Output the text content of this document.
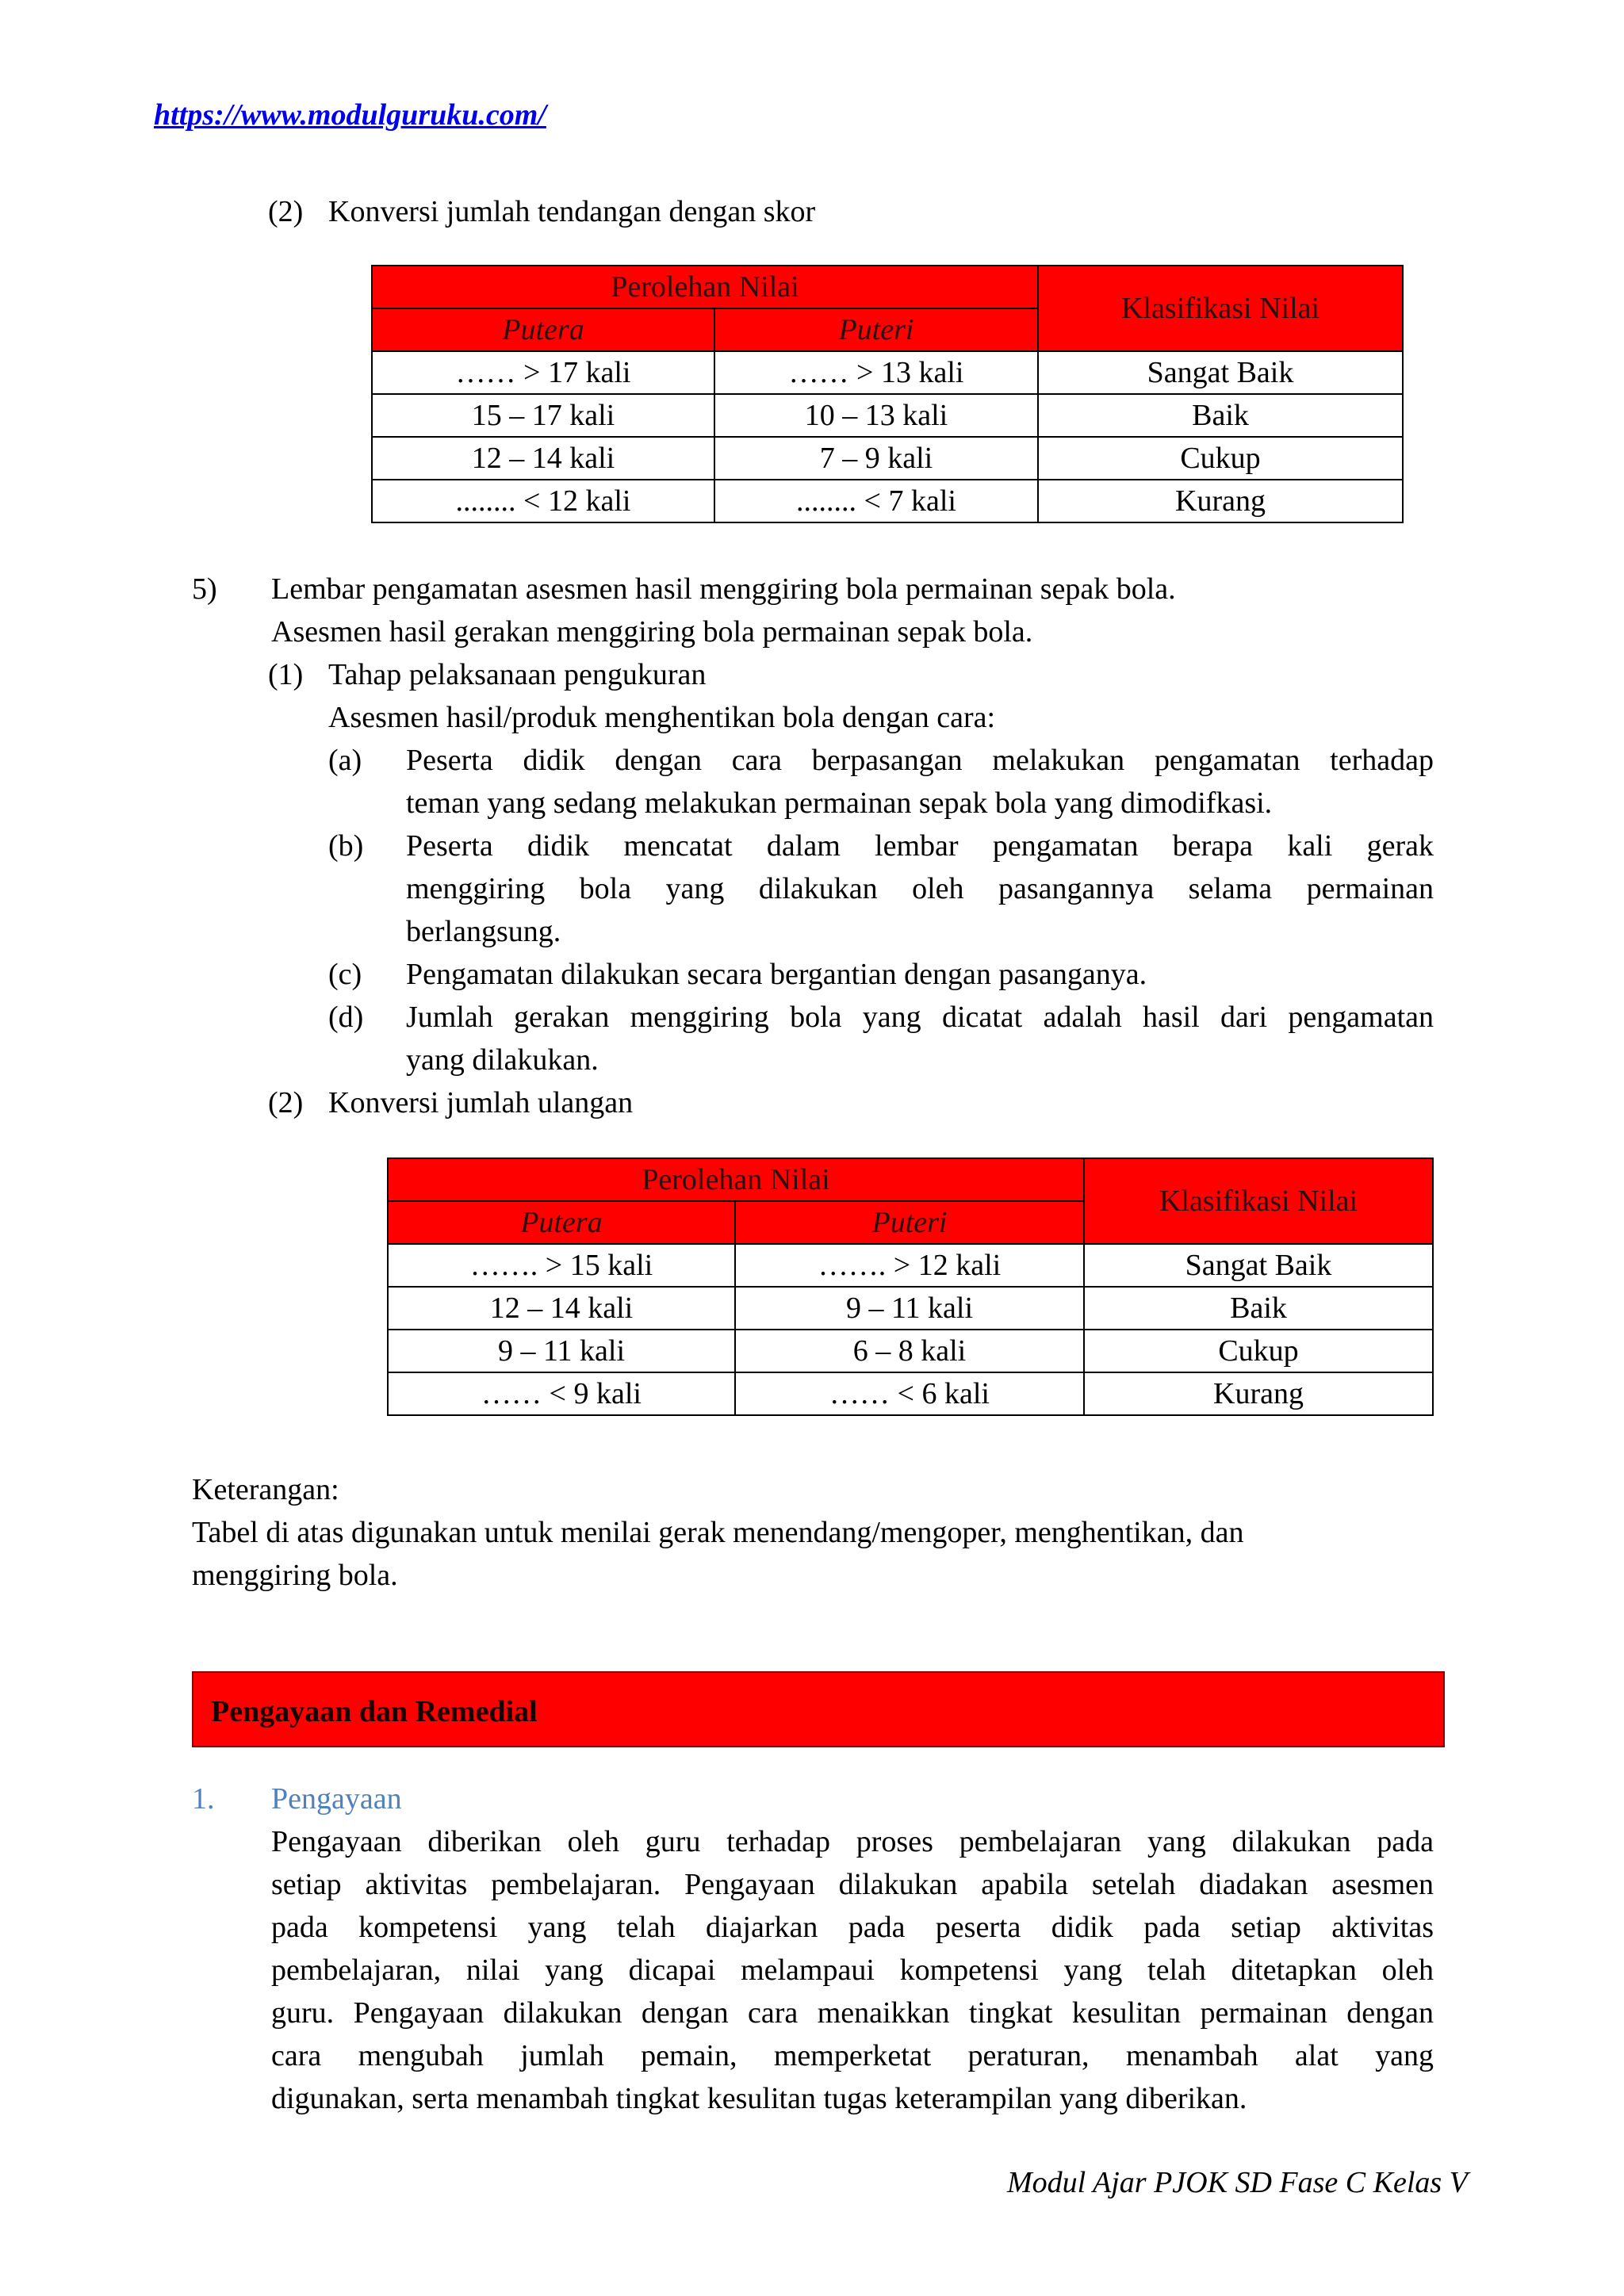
https://www.modulguruku.com/
(2) Konversi jumlah tendangan dengan skor
Perolehan Nilai		Klasifikasi Nilai
Putera	Puteri	
…… > 17 kali	…… > 13 kali	Sangat Baik
15 – 17 kali	10 – 13 kali	Baik
12 – 14 kali	7 – 9 kali	Cukup
........ < 12 kali	........ < 7 kali	Kurang
5) Lembar pengamatan asesmen hasil menggiring bola permainan sepak bola.
Asesmen hasil gerakan menggiring bola permainan sepak bola.
(1) Tahap pelaksanaan pengukuran
Asesmen hasil/produk menghentikan bola dengan cara:
(a) Peserta didik dengan cara berpasangan melakukan pengamatan terhadap
teman yang sedang melakukan permainan sepak bola yang dimodifkasi.
(b) Peserta didik mencatat dalam lembar pengamatan berapa kali gerak
menggiring bola yang dilakukan oleh pasangannya selama permainan
berlangsung.
(c) Pengamatan dilakukan secara bergantian dengan pasanganya.
(d) Jumlah gerakan menggiring bola yang dicatat adalah hasil dari pengamatan
yang dilakukan.
(2) Konversi jumlah ulangan
Perolehan Nilai		Klasifikasi Nilai
Putera	Puteri	
……. > 15 kali	……. > 12 kali	Sangat Baik
12 – 14 kali	9 – 11 kali	Baik
9 – 11 kali	6 – 8 kali	Cukup
…… < 9 kali	…… < 6 kali	Kurang
Keterangan:
Tabel di atas digunakan untuk menilai gerak menendang/mengoper, menghentikan, dan
menggiring bola.
Pengayaan dan Remedial
1. Pengayaan
Pengayaan diberikan oleh guru terhadap proses pembelajaran yang dilakukan pada
setiap aktivitas pembelajaran. Pengayaan dilakukan apabila setelah diadakan asesmen
pada kompetensi yang telah diajarkan pada peserta didik pada setiap aktivitas
pembelajaran, nilai yang dicapai melampaui kompetensi yang telah ditetapkan oleh
guru. Pengayaan dilakukan dengan cara menaikkan tingkat kesulitan permainan dengan
cara mengubah jumlah pemain, memperketat peraturan, menambah alat yang
digunakan, serta menambah tingkat kesulitan tugas keterampilan yang diberikan.
Modul Ajar PJOK SD Fase C Kelas V
